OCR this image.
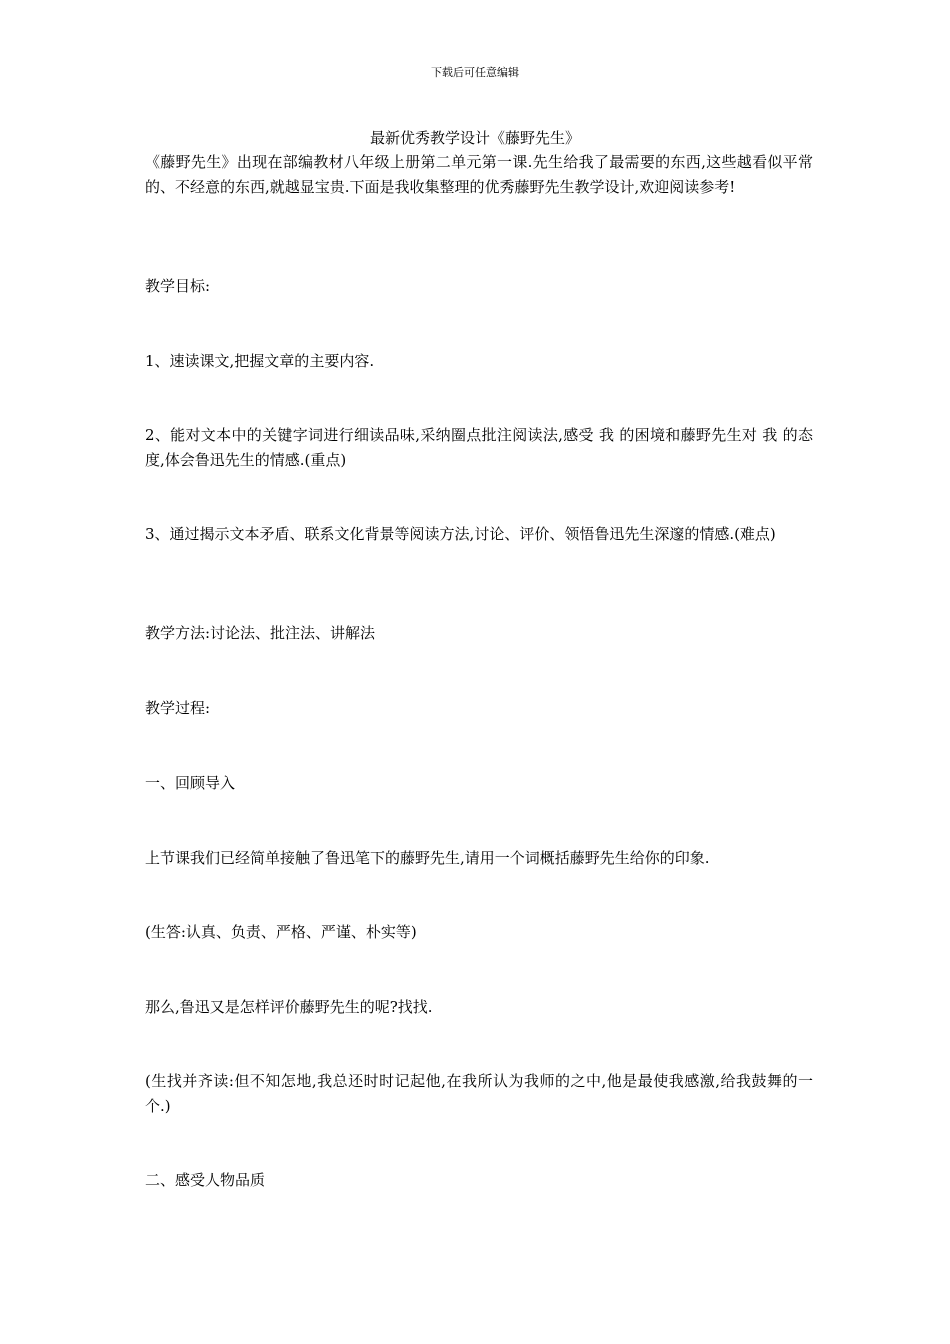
下载后可任意编辑
最新优秀教学设计《藤野先生》

《藤野先生》出现在部编教材八年级上册第二单元第一课.先生给我了最需要的东西,这些越看似平常的、不经意的东西,就越显宝贵.下面是我收集整理的优秀藤野先生教学设计,欢迎阅读参考!

教学目标:

1、速读课文,把握文章的主要内容.

2、能对文本中的关键字词进行细读品味,采纳圈点批注阅读法,感受 我 的困境和藤野先生对 我 的态度,体会鲁迅先生的情感.(重点)

3、通过揭示文本矛盾、联系文化背景等阅读方法,讨论、评价、领悟鲁迅先生深邃的情感.(难点)

教学方法:讨论法、批注法、讲解法

教学过程:

一、回顾导入

上节课我们已经简单接触了鲁迅笔下的藤野先生,请用一个词概括藤野先生给你的印象.

(生答:认真、负责、严格、严谨、朴实等)

那么,鲁迅又是怎样评价藤野先生的呢?找找.

(生找并齐读:但不知怎地,我总还时时记起他,在我所认为我师的之中,他是最使我感激,给我鼓舞的一个.)

二、感受人物品质
